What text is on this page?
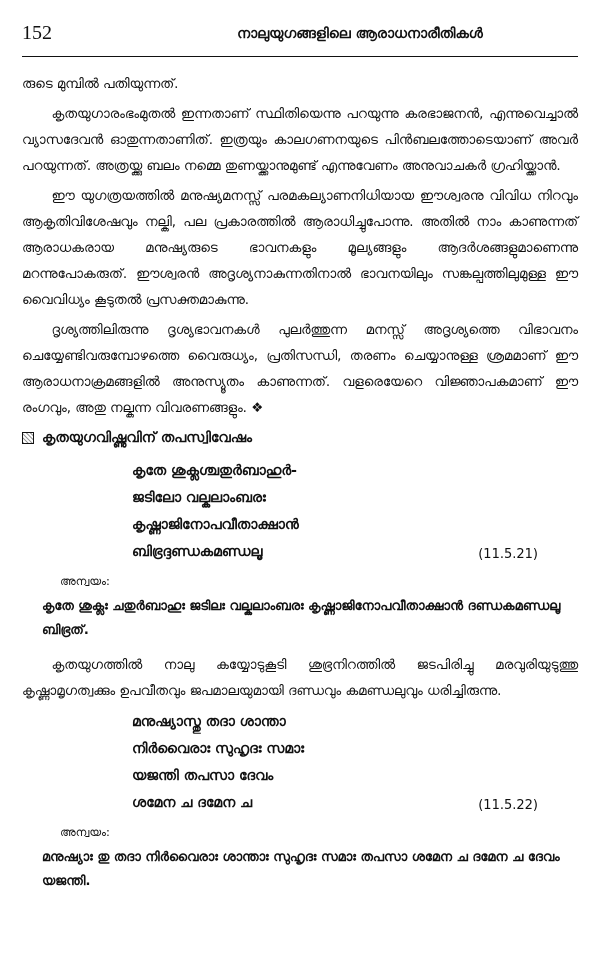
152	നാലുയുഗങ്ങളിലെ ആരാധനാരീതികൾ

രുടെ മുമ്പിൽ പതിയുന്നത്.

കൃതയുഗാരംഭംമുതൽ ഇന്നതാണ് സ്ഥിതിയെന്നു പറയുന്നു കരഭാജനൻ, എന്നുവെച്ചാൽ വ്യാസദേവൻ ഓതുന്നതാണിത്. ഇത്രയും കാലഗണനയുടെ പിൻബലത്തോടെയാണ് അവർ പറയുന്നത്. അത്രയ്ക്കു ബലം നമ്മെ തുണയ്ക്കാനുമുണ്ട് എന്നുവേണം അനുവാചകർ ഗ്രഹിയ്ക്കാൻ.

ഈ യുഗത്രയത്തിൽ മനുഷ്യമനസ്സ് പരമകല്യാണനിധിയായ ഈശ്വരനു വിവിധ നിറവും ആകൃതിവിശേഷവും നല്കി, പല പ്രകാരത്തിൽ ആരാധിച്ചുപോന്നു. അതിൽ നാം കാണുന്നത് ആരാധകരായ മനുഷ്യരുടെ ഭാവനകളും മൂല്യങ്ങളും ആദർശങ്ങളുമാണെന്നു മറന്നുപോകരുത്. ഈശ്വരൻ അദൃശ്യനാകുന്നതിനാൽ ഭാവനയിലും സങ്കല്പത്തിലുമുള്ള ഈ വൈവിധ്യം കൂടുതൽ പ്രസക്തമാകുന്നു.

ദൃശ്യത്തിലിരുന്നു ദൃശ്യഭാവനകൾ പുലർത്തുന്ന മനസ്സ് അദൃശ്യത്തെ വിഭാവനം ചെയ്യേണ്ടിവരുമ്പോഴത്തെ വൈരുധ്യം, പ്രതിസന്ധി, തരണം ചെയ്യാനുള്ള ശ്രമമാണ് ഈ ആരാധനാക്രമങ്ങളിൽ അനുസ്യൂതം കാണുന്നത്. വളരെയേറെ വിജ്ഞാപകമാണ് ഈ രംഗവും, അതു നല്കുന്ന വിവരണങ്ങളും. ❖

കൃതയുഗവിഷ്ണുവിന് തപസ്വിവേഷം
കൃതേ ശുക്ലശ്ചതുർബാഹുർ-
ജടിലോ വല്കലാംബരഃ
കൃഷ്ണാജിനോപവീതാക്ഷാൻ
ബിഭ്രദ്ദണ്ഡകമണ്ഡലൂ	(11.5.21)
അന്വയം:
കൃതേ ശുക്ലഃ ചതുർബാഹുഃ ജടിലഃ വല്കലാംബരഃ കൃഷ്ണാജിനോപവീതാക്ഷാൻ ദണ്ഡകമണ്ഡലൂ ബിഭ്രത്.

കൃതയുഗത്തിൽ നാലു കയ്യോടുകൂടി ശുഭ്രനിറത്തിൽ ജടപിരിച്ചു മരവുരിയുടുത്തു കൃഷ്ണാമൃഗത്വക്കും ഉപവീതവും ജപമാലയുമായി ദണ്ഡവും കമണ്ഡലുവും ധരിച്ചിരുന്നു.

മനുഷ്യാസ്തു തദാ ശാന്താ
നിർവൈരാഃ സുഹൃദഃ സമാഃ
യജന്തി തപസാ ദേവം
ശമേന ച ദമേന ച	(11.5.22)
അന്വയം:
മനുഷ്യാഃ തു തദാ നിർവൈരാഃ ശാന്താഃ സുഹൃദഃ സമാഃ തപസാ ശമേന ച ദമേന ച ദേവം യജന്തി.
